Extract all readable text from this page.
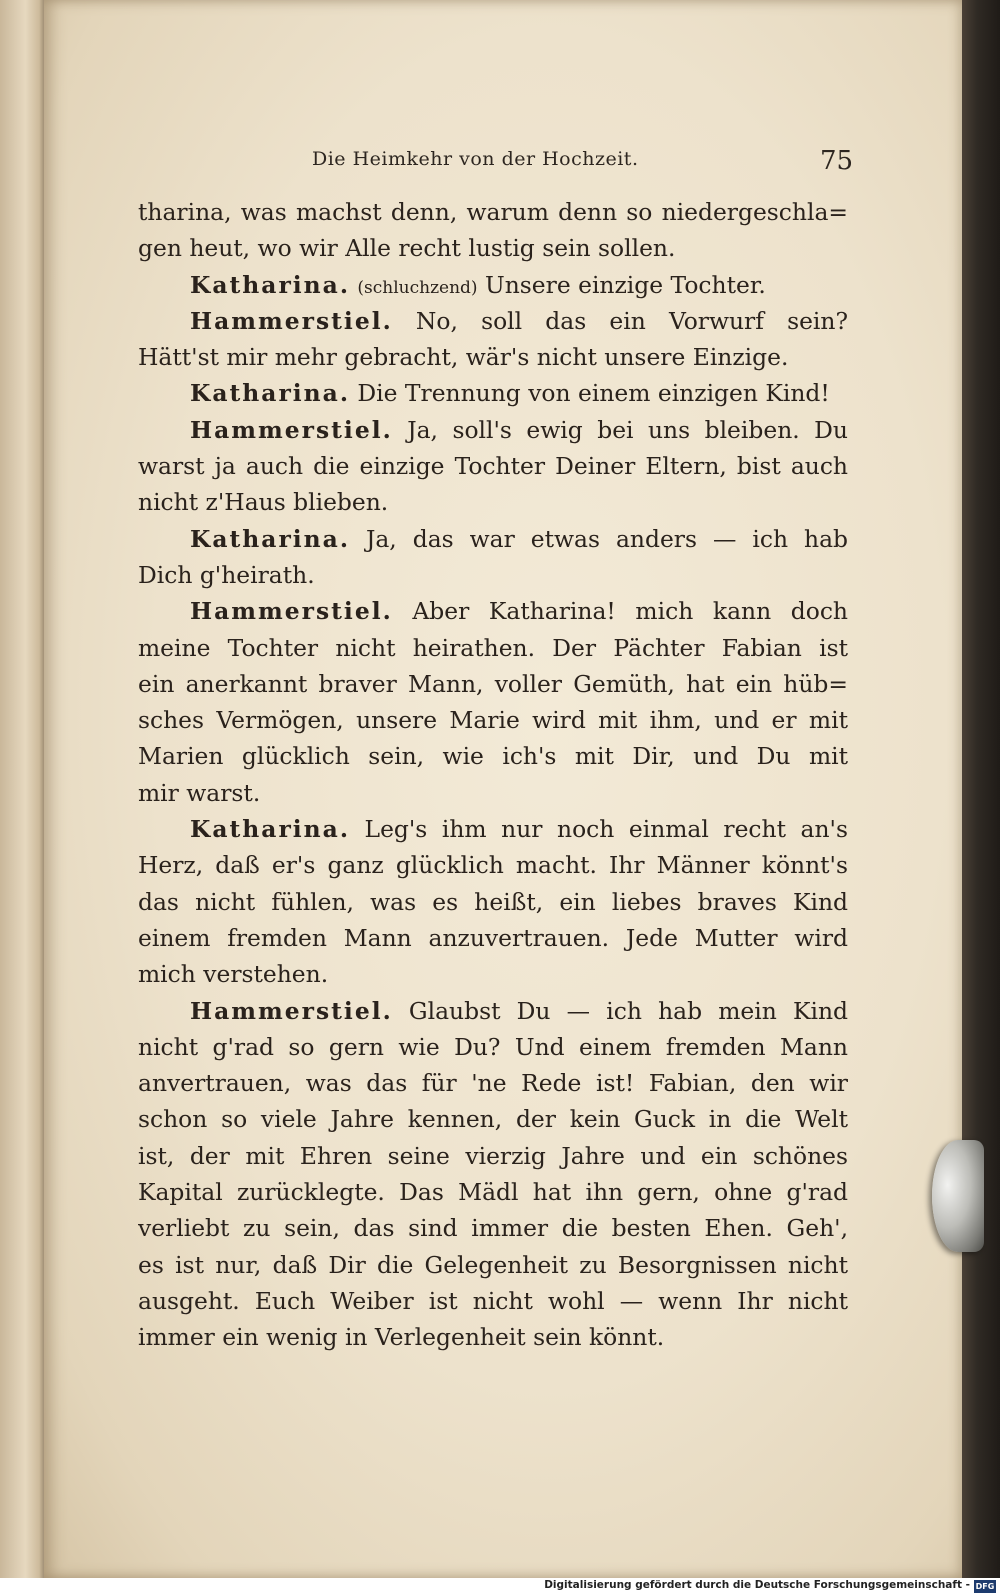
Die Heimkehr von der Hochzeit.	75
tharina, was machst denn, warum denn so niedergeschla=
gen heut, wo wir Alle recht lustig sein sollen.
Katharina. (schluchzend) Unsere einzige Tochter.
Hammerstiel. No, soll das ein Vorwurf sein?
Hätt'st mir mehr gebracht, wär's nicht unsere Einzige.
Katharina. Die Trennung von einem einzigen Kind!
Hammerstiel. Ja, soll's ewig bei uns bleiben. Du
warst ja auch die einzige Tochter Deiner Eltern, bist auch
nicht z'Haus blieben.
Katharina. Ja, das war etwas anders — ich hab
Dich g'heirath.
Hammerstiel. Aber Katharina! mich kann doch
meine Tochter nicht heirathen. Der Pächter Fabian ist
ein anerkannt braver Mann, voller Gemüth, hat ein hüb=
sches Vermögen, unsere Marie wird mit ihm, und er mit
Marien glücklich sein, wie ich's mit Dir, und Du mit
mir warst.
Katharina. Leg's ihm nur noch einmal recht an's
Herz, daß er's ganz glücklich macht. Ihr Männer könnt's
das nicht fühlen, was es heißt, ein liebes braves Kind
einem fremden Mann anzuvertrauen. Jede Mutter wird
mich verstehen.
Hammerstiel. Glaubst Du — ich hab mein Kind
nicht g'rad so gern wie Du? Und einem fremden Mann
anvertrauen, was das für 'ne Rede ist! Fabian, den wir
schon so viele Jahre kennen, der kein Guck in die Welt
ist, der mit Ehren seine vierzig Jahre und ein schönes
Kapital zurücklegte. Das Mädl hat ihn gern, ohne g'rad
verliebt zu sein, das sind immer die besten Ehen. Geh',
es ist nur, daß Dir die Gelegenheit zu Besorgnissen nicht
ausgeht. Euch Weiber ist nicht wohl — wenn Ihr nicht
immer ein wenig in Verlegenheit sein könnt.
Digitalisierung gefördert durch die Deutsche Forschungsgemeinschaft - DFG
